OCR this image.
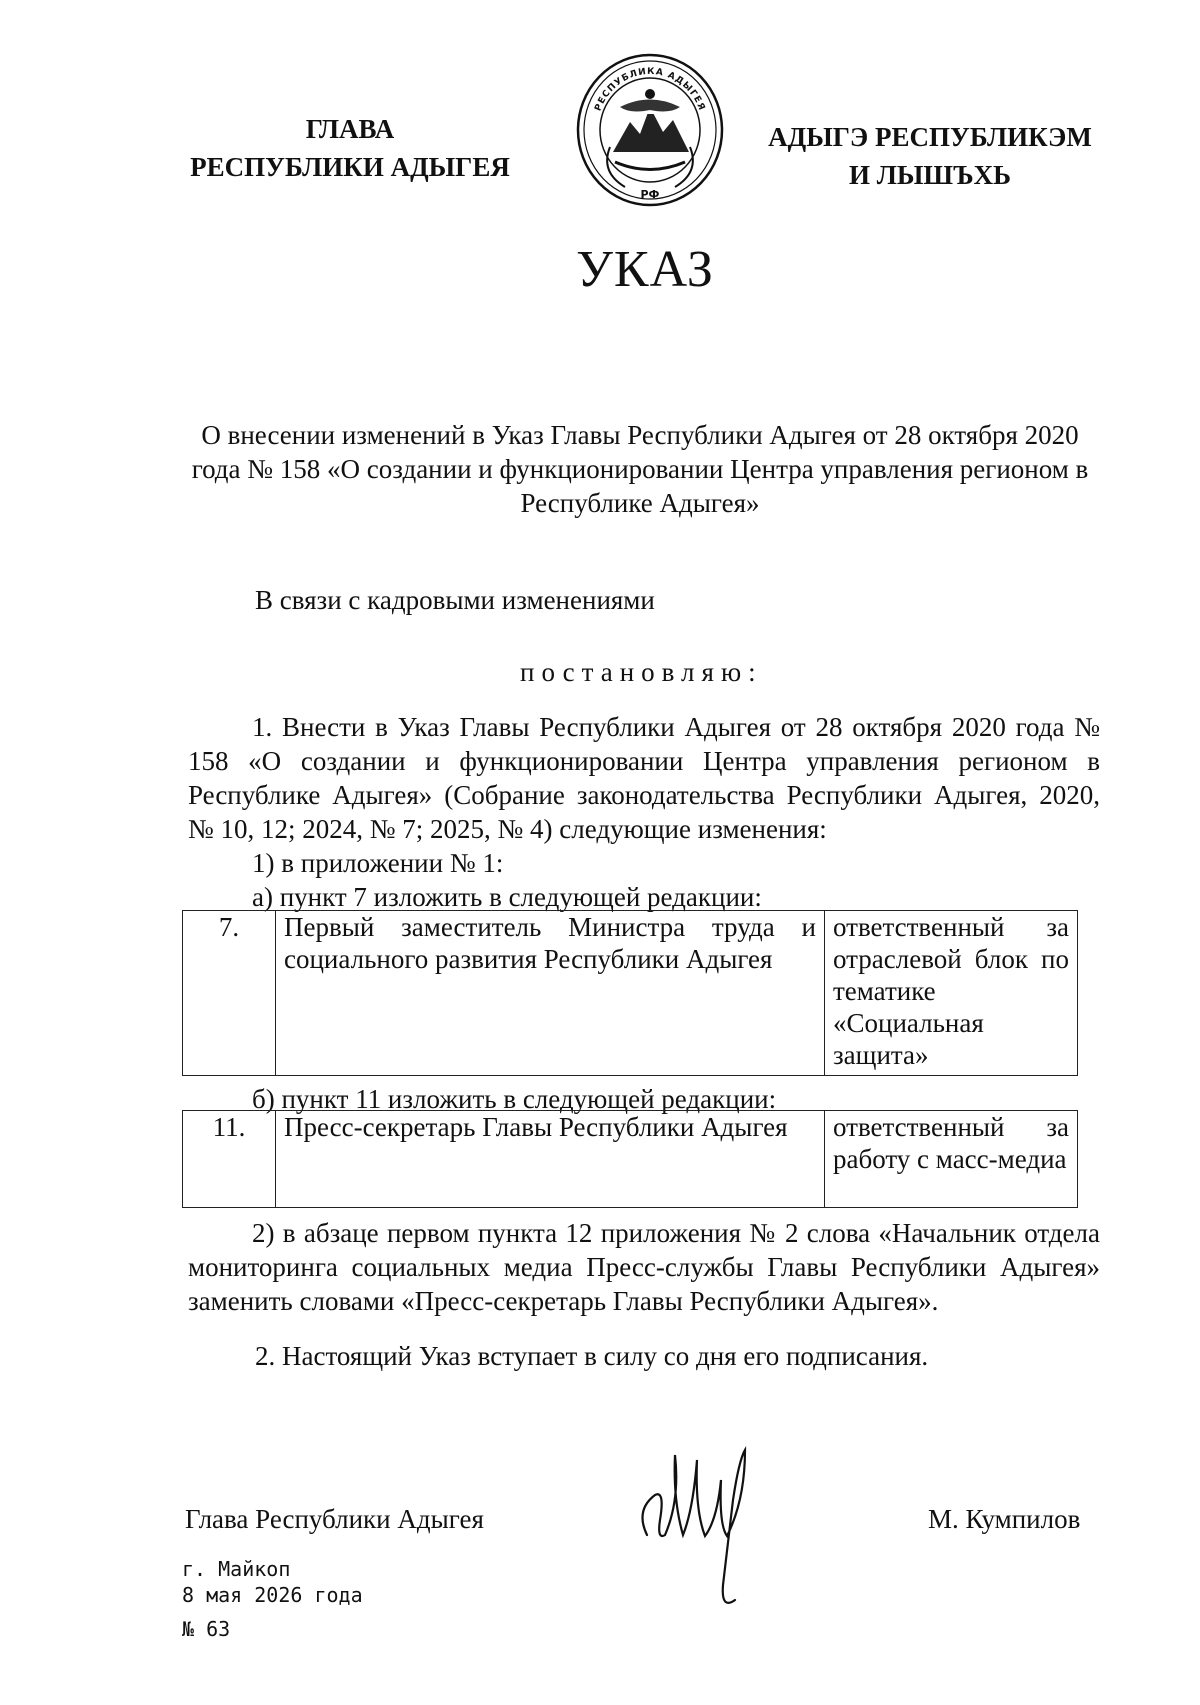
ГЛАВА
РЕСПУБЛИКИ АДЫГЕЯ
РЕСПУБЛИКА АДЫГЕЯ
РФ
АДЫГЭ РЕСПУБЛИКЭМ
И ЛЫШЪХЬ
УКАЗ
О внесении изменений в Указ Главы Республики Адыгея от 28 октября 2020 года № 158 «О создании и функционировании Центра управления регионом в Республике Адыгея»
В связи с кадровыми изменениями
постановляю:
1. Внести в Указ Главы Республики Адыгея от 28 октября 2020 года № 158 «О создании и функционировании Центра управления регионом в Республике Адыгея» (Собрание законодательства Республики Адыгея, 2020, № 10, 12; 2024, № 7; 2025, № 4) следующие изменения:
1) в приложении № 1:
а) пункт 7 изложить в следующей редакции:
7.	Первый заместитель Министра труда и социального развития Республики Адыгея	ответственный за отраслевой блок по тематике «Социальная защита»
б) пункт 11 изложить в следующей редакции:
11.	Пресс-секретарь Главы Республики Адыгея	ответственный за работу с масс-медиа
2) в абзаце первом пункта 12 приложения № 2 слова «Начальник отдела мониторинга социальных медиа Пресс-службы Главы Республики Адыгея» заменить словами «Пресс-секретарь Главы Республики Адыгея».
2. Настоящий Указ вступает в силу со дня его подписания.
Глава Республики Адыгея	М. Кумпилов
г. Майкоп
8 мая 2026 года
№ 63
